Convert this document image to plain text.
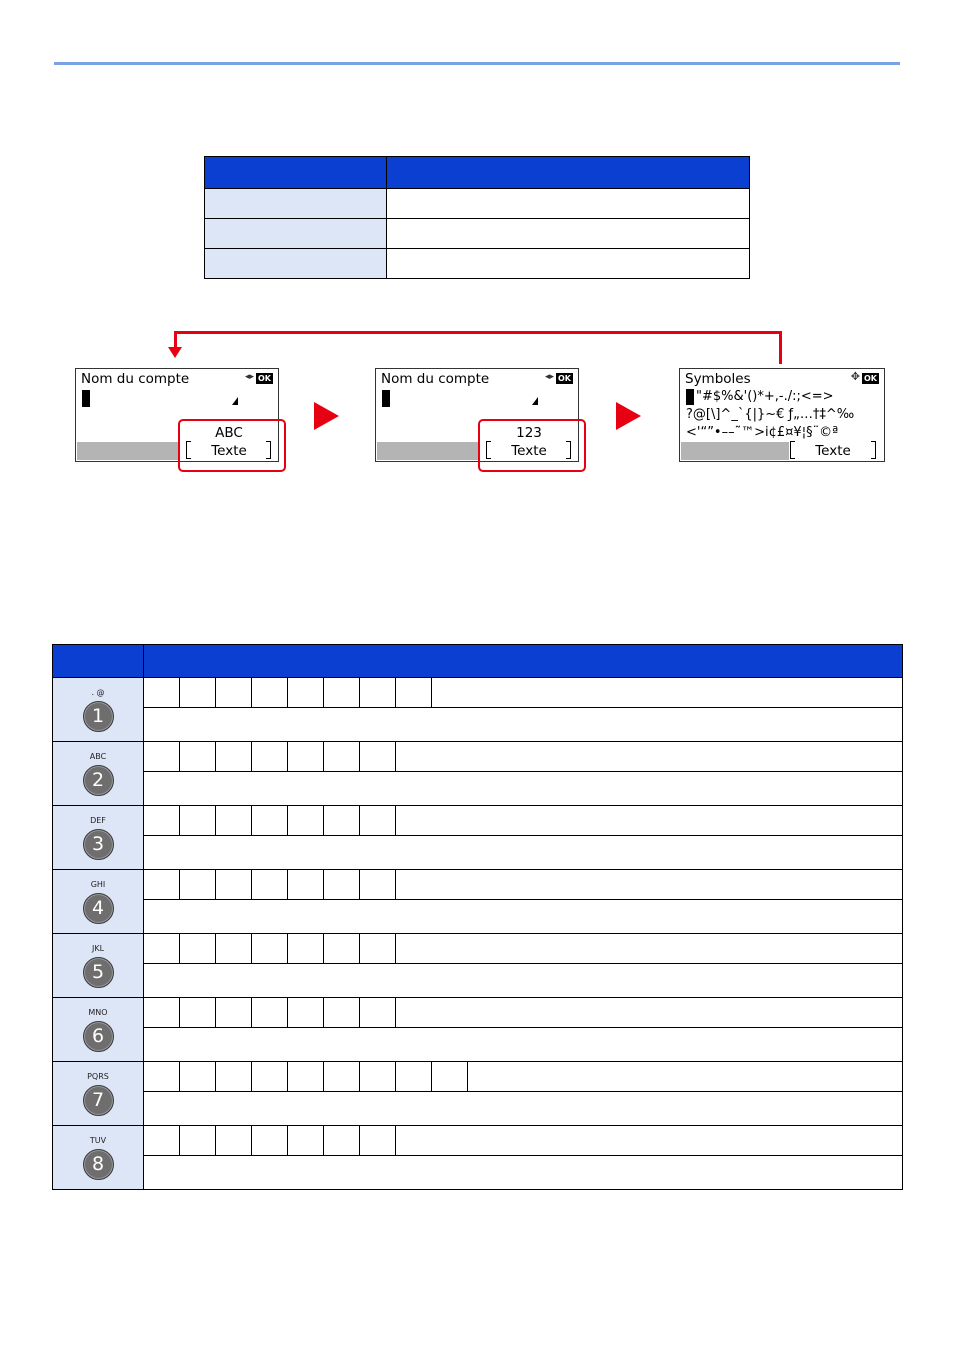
Nom du compte	◂▸ OK
ABC
Texte
Nom du compte	◂▸ OK
123
Texte
Symboles	✥ OK
"#$%&'()*+,-./:;<=>
?@[\]^_`{|}~€ ƒ„…†‡^‰
<'“”•––˜™>i¢£¤¥¦§¨©ª
Texte

. @
1										

ABC
2										

DEF
3										

GHI
4										

JKL
5										

MNO
6										

PQRS
7										

TUV
8										
